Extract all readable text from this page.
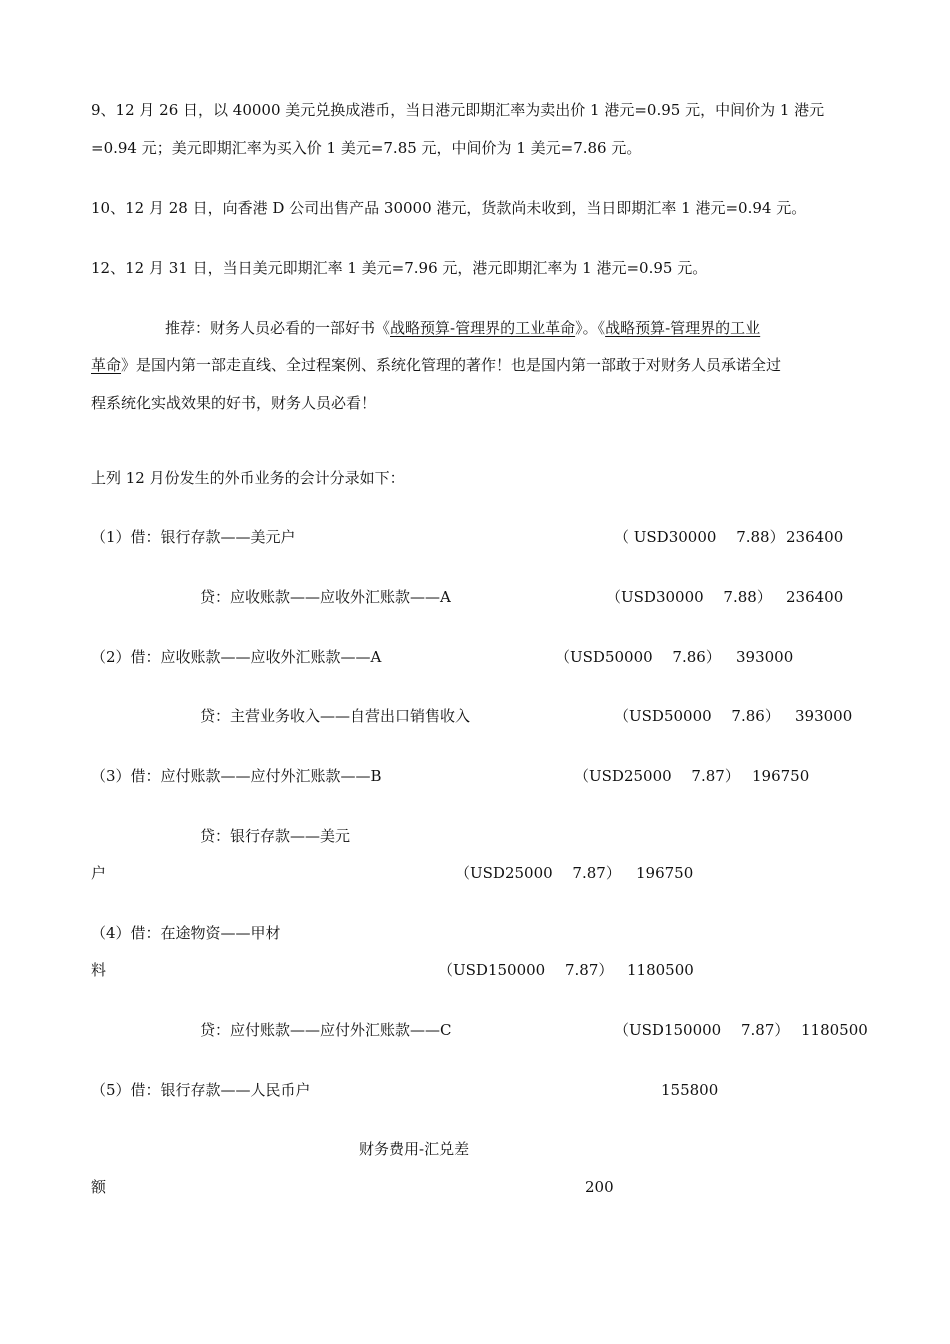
9、12 月 26 日，以 40000 美元兑换成港币，当日港元即期汇率为卖出价 1 港元=0.95 元，中间价为 1 港元
=0.94 元；美元即期汇率为买入价 1 美元=7.85 元，中间价为 1 美元=7.86 元。
10、12 月 28 日，向香港 D 公司出售产品 30000 港元，货款尚未收到，当日即期汇率 1 港元=0.94 元。
12、12 月 31 日，当日美元即期汇率 1 美元=7.96 元，港元即期汇率为 1 港元=0.95 元。
推荐：财务人员必看的一部好书《战略预算-管理界的工业革命》。《战略预算-管理界的工业
革命》是国内第一部走直线、全过程案例、系统化管理的著作！也是国内第一部敢于对财务人员承诺全过
程系统化实战效果的好书，财务人员必看！
上列 12 月份发生的外币业务的会计分录如下：
（1）借：银行存款——美元户	（ USD30000　 7.88） 236400
贷：应收账款——应收外汇账款——A	（USD30000　 7.88） 236400
（2）借：应收账款——应收外汇账款——A	（USD50000　 7.86） 393000
贷：主营业务收入——自营出口销售收入	（USD50000　 7.86） 393000
（3）借：应付账款——应付外汇账款——B	（USD25000　 7.87） 196750
贷：银行存款——美元
户	（USD25000　 7.87） 196750
（4）借：在途物资——甲材
料	（USD150000　 7.87） 1180500
贷：应付账款——应付外汇账款——C	（USD150000　 7.87） 1180500
（5）借：银行存款——人民币户	155800
财务费用-汇兑差
额	200
